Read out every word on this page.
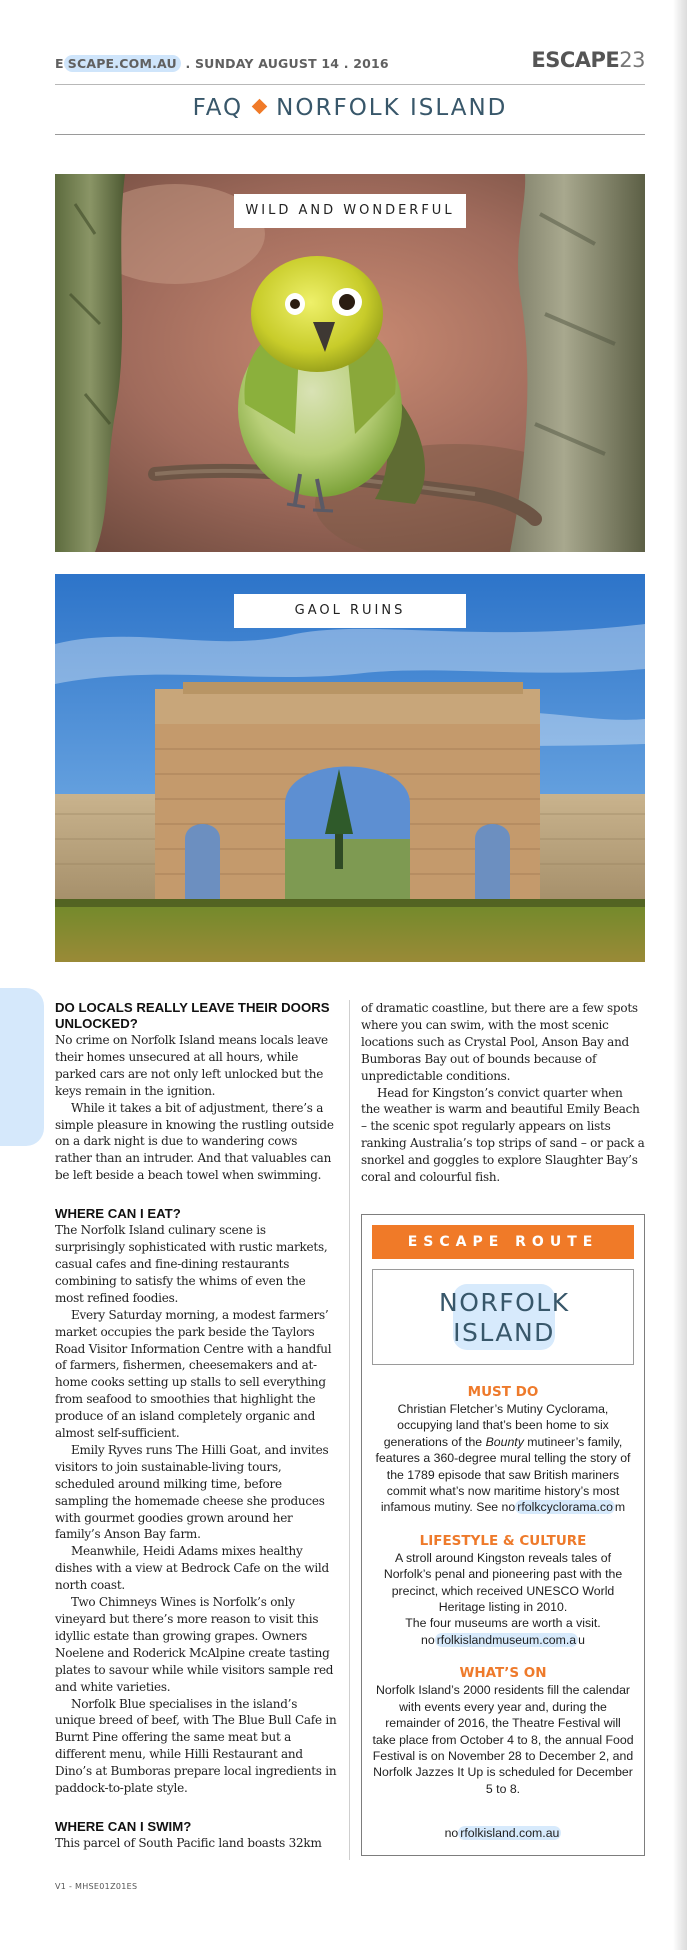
E SCAPE.COM.AU . SUNDAY AUGUST 14 . 2016	ESCAPE23
FAQ NORFOLK ISLAND
WILD AND WONDERFUL
GAOL RUINS
DO LOCALS REALLY LEAVE THEIR DOORS UNLOCKED?

No crime on Norfolk Island means locals leave their homes unsecured at all hours, while parked cars are not only left unlocked but the keys remain in the ignition.

While it takes a bit of adjustment, there’s a simple pleasure in knowing the rustling outside on a dark night is due to wandering cows rather than an intruder. And that valuables can be left beside a beach towel when swimming.

WHERE CAN I EAT?

The Norfolk Island culinary scene is surprisingly sophisticated with rustic markets, casual cafes and fine-dining restaurants combining to satisfy the whims of even the most refined foodies.

Every Saturday morning, a modest farmers’ market occupies the park beside the Taylors Road Visitor Information Centre with a handful of farmers, fishermen, cheesemakers and at-home cooks setting up stalls to sell everything from seafood to smoothies that highlight the produce of an island completely organic and almost self-sufficient.

Emily Ryves runs The Hilli Goat, and invites visitors to join sustainable-living tours, scheduled around milking time, before sampling the homemade cheese she produces with gourmet goodies grown around her family’s Anson Bay farm.

Meanwhile, Heidi Adams mixes healthy dishes with a view at Bedrock Cafe on the wild north coast.

Two Chimneys Wines is Norfolk’s only vineyard but there’s more reason to visit this idyllic estate than growing grapes. Owners Noelene and Roderick McAlpine create tasting plates to savour while while visitors sample red and white varieties.

Norfolk Blue specialises in the island’s unique breed of beef, with The Blue Bull Cafe in Burnt Pine offering the same meat but a different menu, while Hilli Restaurant and Dino’s at Bumboras prepare local ingredients in paddock-to-plate style.

WHERE CAN I SWIM?

This parcel of South Pacific land boasts 32km

of dramatic coastline, but there are a few spots where you can swim, with the most scenic locations such as Crystal Pool, Anson Bay and Bumboras Bay out of bounds because of unpredictable conditions.

Head for Kingston’s convict quarter when the weather is warm and beautiful Emily Beach – the scenic spot regularly appears on lists ranking Australia’s top strips of sand – or pack a snorkel and goggles to explore Slaughter Bay’s coral and colourful fish.

ESCAPE ROUTE
NORFOLK
ISLAND
MUST DO
Christian Fletcher’s Mutiny Cyclorama, occupying land that’s been home to six generations of the Bounty mutineer’s family, features a 360-degree mural telling the story of the 1789 episode that saw British mariners commit what’s now maritime history’s most infamous mutiny. See no rfolkcyclorama.co m
LIFESTYLE & CULTURE

A stroll around Kingston reveals tales of Norfolk’s penal and pioneering past with the precinct, which received UNESCO World Heritage listing in 2010.

The four museums are worth a visit.

no rfolkislandmuseum.com.a u

WHAT’S ON
Norfolk Island’s 2000 residents fill the calendar with events every year and, during the remainder of 2016, the Theatre Festival will take place from October 4 to 8, the annual Food Festival is on November 28 to December 2, and Norfolk Jazzes It Up is scheduled for December 5 to 8.
no rfolkisland.com.au
V1 - MHSE01Z01ES
